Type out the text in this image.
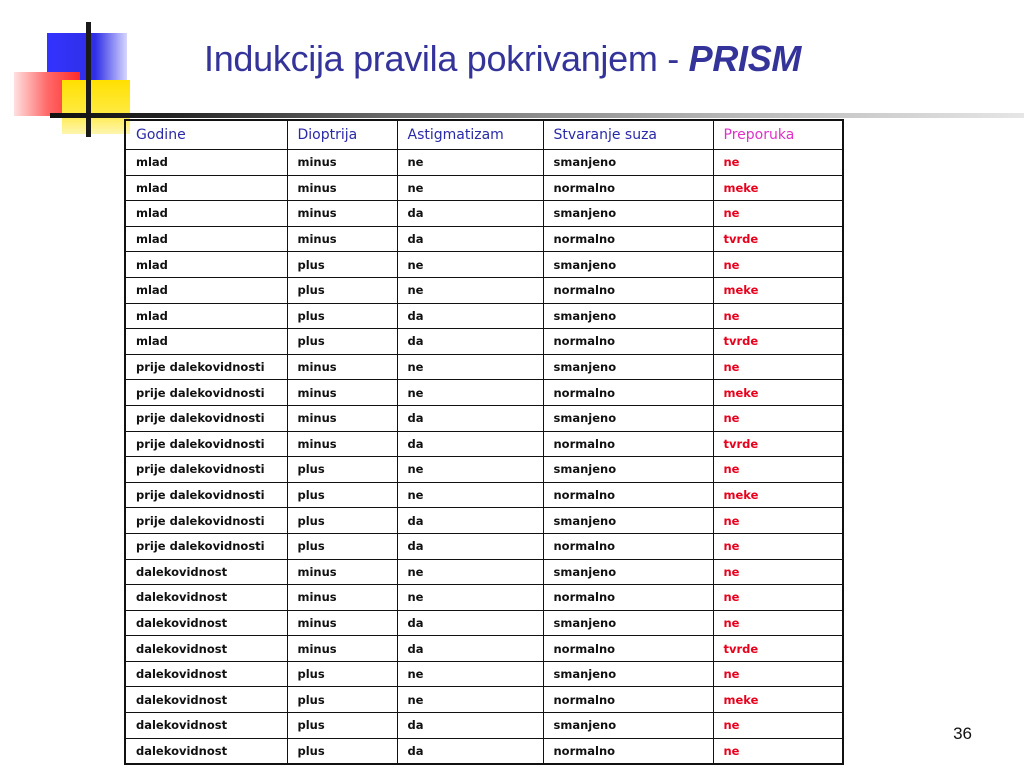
Indukcija pravila pokrivanjem - PRISM
Godine	Dioptrija	Astigmatizam	Stvaranje suza	Preporuka
mlad	minus	ne	smanjeno	ne
mlad	minus	ne	normalno	meke
mlad	minus	da	smanjeno	ne
mlad	minus	da	normalno	tvrde
mlad	plus	ne	smanjeno	ne
mlad	plus	ne	normalno	meke
mlad	plus	da	smanjeno	ne
mlad	plus	da	normalno	tvrde
prije dalekovidnosti	minus	ne	smanjeno	ne
prije dalekovidnosti	minus	ne	normalno	meke
prije dalekovidnosti	minus	da	smanjeno	ne
prije dalekovidnosti	minus	da	normalno	tvrde
prije dalekovidnosti	plus	ne	smanjeno	ne
prije dalekovidnosti	plus	ne	normalno	meke
prije dalekovidnosti	plus	da	smanjeno	ne
prije dalekovidnosti	plus	da	normalno	ne
dalekovidnost	minus	ne	smanjeno	ne
dalekovidnost	minus	ne	normalno	ne
dalekovidnost	minus	da	smanjeno	ne
dalekovidnost	minus	da	normalno	tvrde
dalekovidnost	plus	ne	smanjeno	ne
dalekovidnost	plus	ne	normalno	meke
dalekovidnost	plus	da	smanjeno	ne
dalekovidnost	plus	da	normalno	ne
36
